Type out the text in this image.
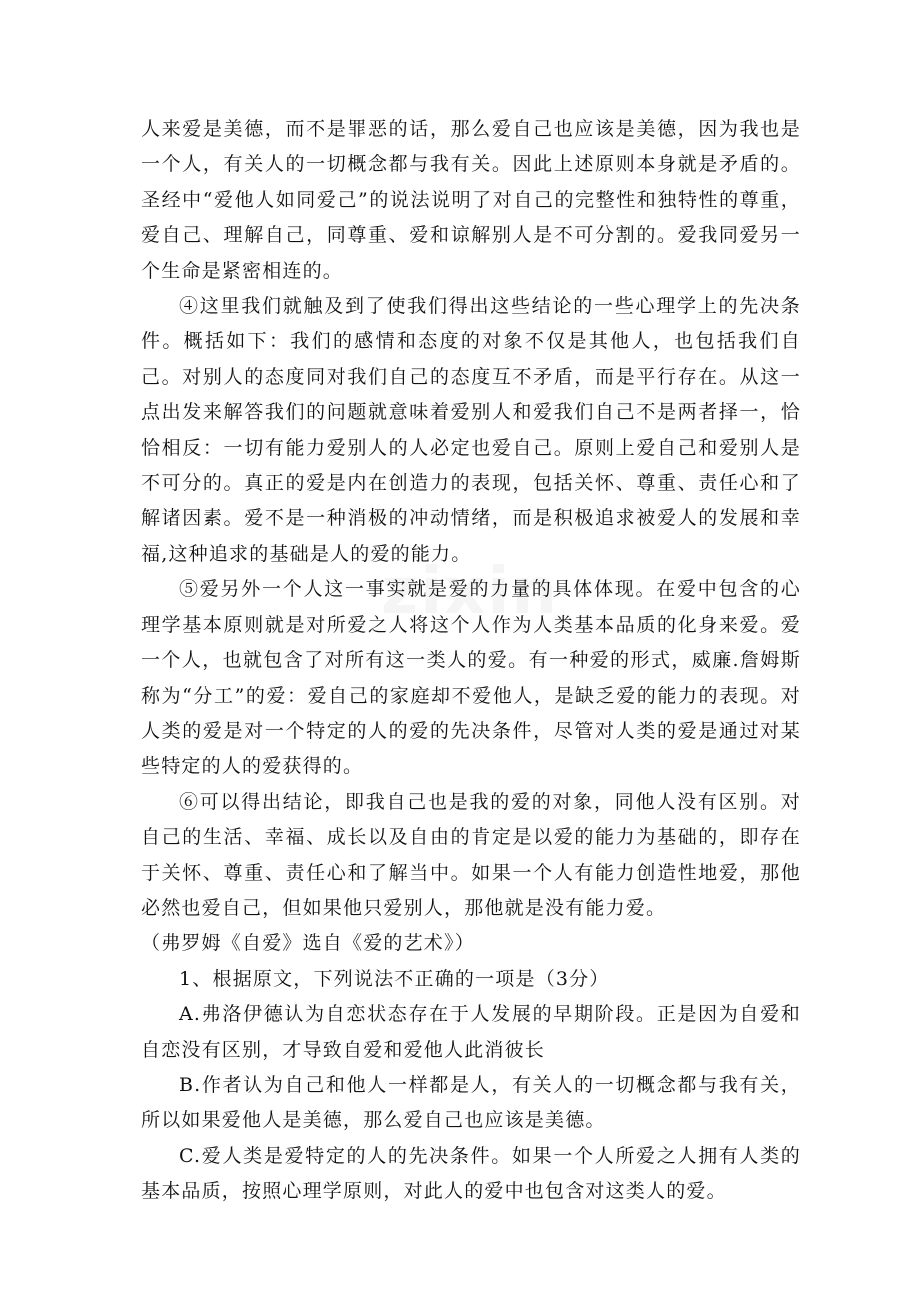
zixin

人来爱是美德，而不是罪恶的话，那么爱自己也应该是美德，因为我也是一个人，有关人的一切概念都与我有关。因此上述原则本身就是矛盾的。圣经中“爱他人如同爱己”的说法说明了对自己的完整性和独特性的尊重，爱自己、理解自己，同尊重、爱和谅解别人是不可分割的。爱我同爱另一个生命是紧密相连的。

④这里我们就触及到了使我们得出这些结论的一些心理学上的先决条件。概括如下：我们的感情和态度的对象不仅是其他人，也包括我们自己。对别人的态度同对我们自己的态度互不矛盾，而是平行存在。从这一点出发来解答我们的问题就意味着爱别人和爱我们自己不是两者择一，恰恰相反：一切有能力爱别人的人必定也爱自己。原则上爱自己和爱别人是不可分的。真正的爱是内在创造力的表现，包括关怀、尊重、责任心和了解诸因素。爱不是一种消极的冲动情绪，而是积极追求被爱人的发展和幸福,这种追求的基础是人的爱的能力。

⑤爱另外一个人这一事实就是爱的力量的具体体现。在爱中包含的心理学基本原则就是对所爱之人将这个人作为人类基本品质的化身来爱。爱一个人，也就包含了对所有这一类人的爱。有一种爱的形式，威廉.詹姆斯称为“分工”的爱：爱自己的家庭却不爱他人，是缺乏爱的能力的表现。对人类的爱是对一个特定的人的爱的先决条件，尽管对人类的爱是通过对某些特定的人的爱获得的。

⑥可以得出结论，即我自己也是我的爱的对象，同他人没有区别。对自己的生活、幸福、成长以及自由的肯定是以爱的能力为基础的，即存在于关怀、尊重、责任心和了解当中。如果一个人有能力创造性地爱，那他必然也爱自己，但如果他只爱别人，那他就是没有能力爱。

（弗罗姆《自爱》选自《爱的艺术》）

1、根据原文，下列说法不正确的一项是（3分）

A.弗洛伊德认为自恋状态存在于人发展的早期阶段。正是因为自爱和自恋没有区别，才导致自爱和爱他人此消彼长

B.作者认为自己和他人一样都是人，有关人的一切概念都与我有关，所以如果爱他人是美德，那么爱自己也应该是美德。

C.爱人类是爱特定的人的先决条件。如果一个人所爱之人拥有人类的基本品质，按照心理学原则，对此人的爱中也包含对这类人的爱。
